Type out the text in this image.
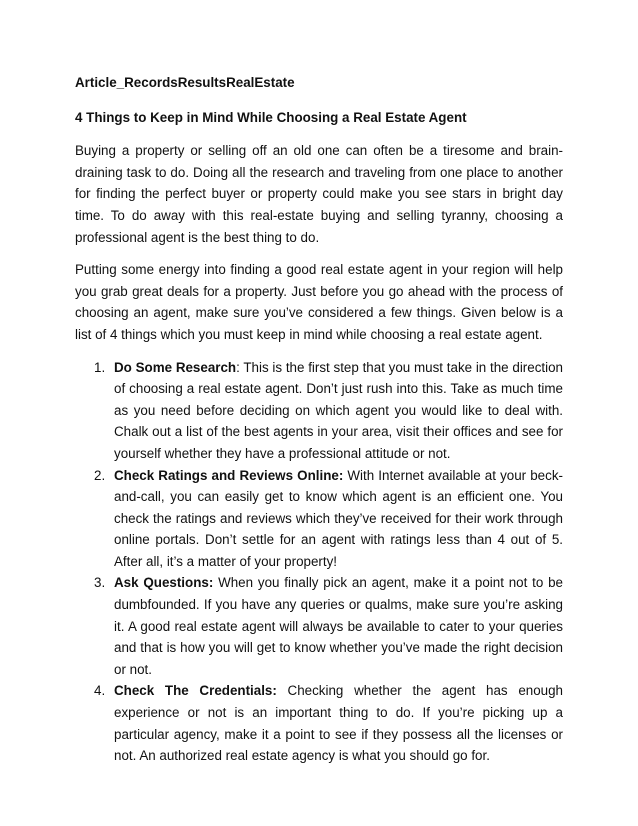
Article_RecordsResultsRealEstate
4 Things to Keep in Mind While Choosing a Real Estate Agent

Buying a property or selling off an old one can often be a tiresome and brain-draining task to do. Doing all the research and traveling from one place to another for finding the perfect buyer or property could make you see stars in bright day time. To do away with this real-estate buying and selling tyranny, choosing a professional agent is the best thing to do.

Putting some energy into finding a good real estate agent in your region will help you grab great deals for a property. Just before you go ahead with the process of choosing an agent, make sure you’ve considered a few things. Given below is a list of 4 things which you must keep in mind while choosing a real estate agent.

1. Do Some Research: This is the first step that you must take in the direction of choosing a real estate agent. Don’t just rush into this. Take as much time as you need before deciding on which agent you would like to deal with. Chalk out a list of the best agents in your area, visit their offices and see for yourself whether they have a professional attitude or not.
2. Check Ratings and Reviews Online: With Internet available at your beck-and-call, you can easily get to know which agent is an efficient one. You check the ratings and reviews which they’ve received for their work through online portals. Don’t settle for an agent with ratings less than 4 out of 5. After all, it’s a matter of your property!
3. Ask Questions: When you finally pick an agent, make it a point not to be dumbfounded. If you have any queries or qualms, make sure you’re asking it. A good real estate agent will always be available to cater to your queries and that is how you will get to know whether you’ve made the right decision or not.
4. Check The Credentials: Checking whether the agent has enough experience or not is an important thing to do. If you’re picking up a particular agency, make it a point to see if they possess all the licenses or not. An authorized real estate agency is what you should go for.
